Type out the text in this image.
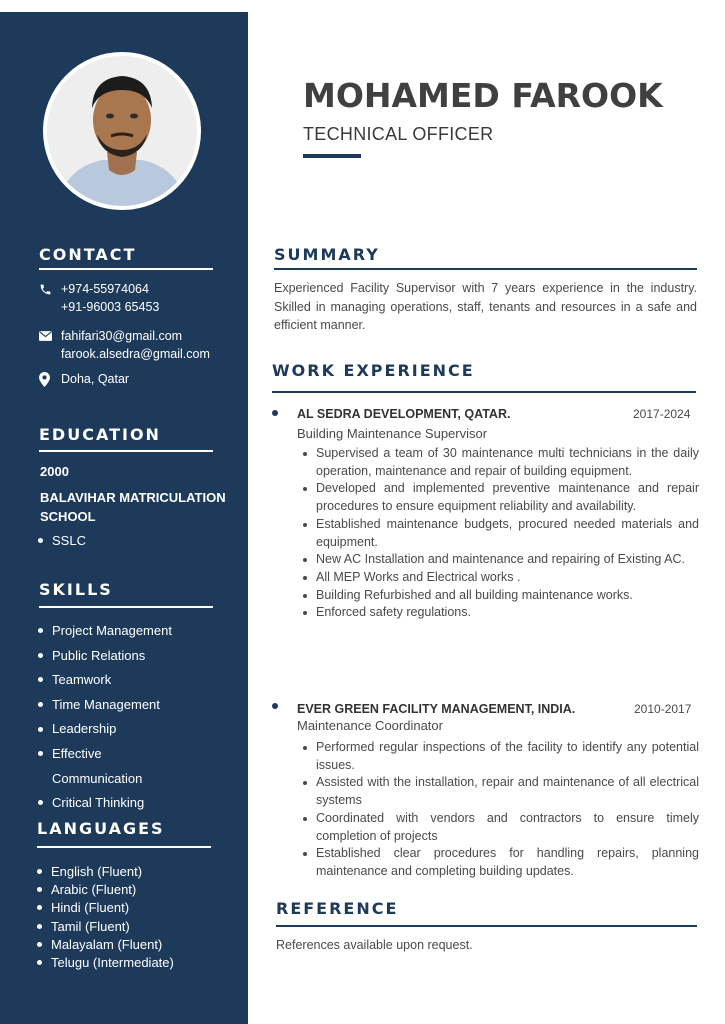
CONTACT
+974-55974064
+91-96003 65453
fahifari30@gmail.com
farook.alsedra@gmail.com
Doha, Qatar
EDUCATION
2000
BALAVIHAR MATRICULATION SCHOOL
SSLC
SKILLS
Project Management
Public Relations
Teamwork
Time Management
Leadership
Effective
Communication
Critical Thinking
LANGUAGES
English (Fluent)
Arabic (Fluent)
Hindi (Fluent)
Tamil (Fluent)
Malayalam (Fluent)
Telugu (Intermediate)
MOHAMED FAROOK
TECHNICAL OFFICER
SUMMARY
Experienced Facility Supervisor with 7 years experience in the industry. Skilled in managing operations, staff, tenants and resources in a safe and efficient manner.
WORK EXPERIENCE
AL SEDRA DEVELOPMENT, QATAR.	2017-2024
Building Maintenance Supervisor
Supervised a team of 30 maintenance multi technicians in the daily operation, maintenance and repair of building equipment.
Developed and implemented preventive maintenance and repair procedures to ensure equipment reliability and availability.
Established maintenance budgets, procured needed materials and equipment.
New AC Installation and maintenance and repairing of Existing AC.
All MEP Works and Electrical works .
Building Refurbished and all building maintenance works.
Enforced safety regulations.
EVER GREEN FACILITY MANAGEMENT, INDIA.	2010-2017
Maintenance Coordinator
Performed regular inspections of the facility to identify any potential issues.
Assisted with the installation, repair and maintenance of all electrical systems
Coordinated with vendors and contractors to ensure timely completion of projects
Established clear procedures for handling repairs, planning maintenance and completing building updates.
REFERENCE
References available upon request.
